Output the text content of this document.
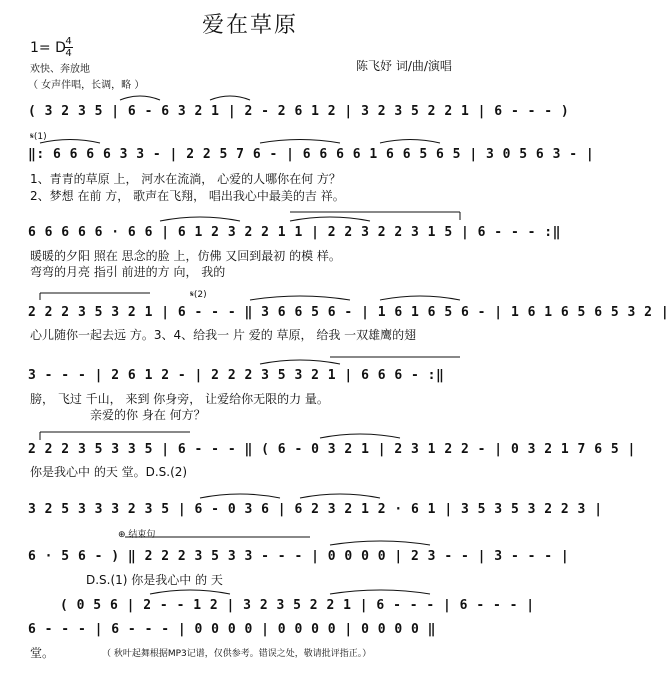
爱在草原
1= D 4
4
欢快、奔放地	陈飞妤 词/曲/演唱
（ 女声伴唱，长调，略 ）
( 3 2 3 5 | 6 - 6 3 2 1 | 2 - 2 6 1 2 | 3 2 3 5 2 2 1 | 6 - - - )
𝄋(1)
‖: 6 6 6 6 3 3 - | 2 2 5 7 6 - | 6 6 6 6 1 6 6 5 6 5 | 3 0 5 6 3 - |
1、青青的草原 上， 河水在流淌， 心爱的人哪你在何 方？
2、梦想 在前 方， 歌声在飞翔， 唱出我心中最美的吉 祥。
6 6 6 6 6 · 6 6 | 6 1 2 3 2 2 1 1 | 2 2 3 2 2 3 1 5 | 6 - - - :‖
暖暖的夕阳 照在 思念的脸 上，仿佛 又回到最初 的模 样。
弯弯的月亮 指引 前进的方 向， 我的
𝄋(2)
2 2 2 3 5 3 2 1 | 6 - - - ‖ 3 6 6 5 6 - | 1 6 1 6 5 6 - | 1 6 1 6 5 6 5 3 2 |
心儿随你一起去远 方。3、4、给我一 片 爱的 草原， 给我 一双雄鹰的翅
3 - - - | 2 6 1 2 - | 2 2 2 3 5 3 2 1 | 6 6 6 - :‖
膀， 飞过 千山， 来到 你身旁， 让爱给你无限的力 量。
亲爱的你 身在 何方？
2 2 2 3 5 3 3 5 | 6 - - - ‖ ( 6 - 0 3 2 1 | 2 3 1 2 2 - | 0 3 2 1 7 6 5 |
你是我心中 的天 堂。D.S.(2)
3 2 5 3 3 3 2 3 5 | 6 - 0 3 6 | 6 2 3 2 1 2 · 6 1 | 3 5 3 5 3 2 2 3 |
⊕ 结束句
6 · 5 6 - ) ‖ 2 2 2 3 5 3 3 - - - | 0 0 0 0 | 2 3 - - | 3 - - - |
D.S.(1) 你是我心中 的 天
( 0 5 6 | 2 - - 1 2 | 3 2 3 5 2 2 1 | 6 - - - | 6 - - - |
6 - - - | 6 - - - | 0 0 0 0 | 0 0 0 0 | 0 0 0 0 ‖
堂。	（ 秋叶起舞根据MP3记谱，仅供参考。错误之处，敬请批评指正。）
